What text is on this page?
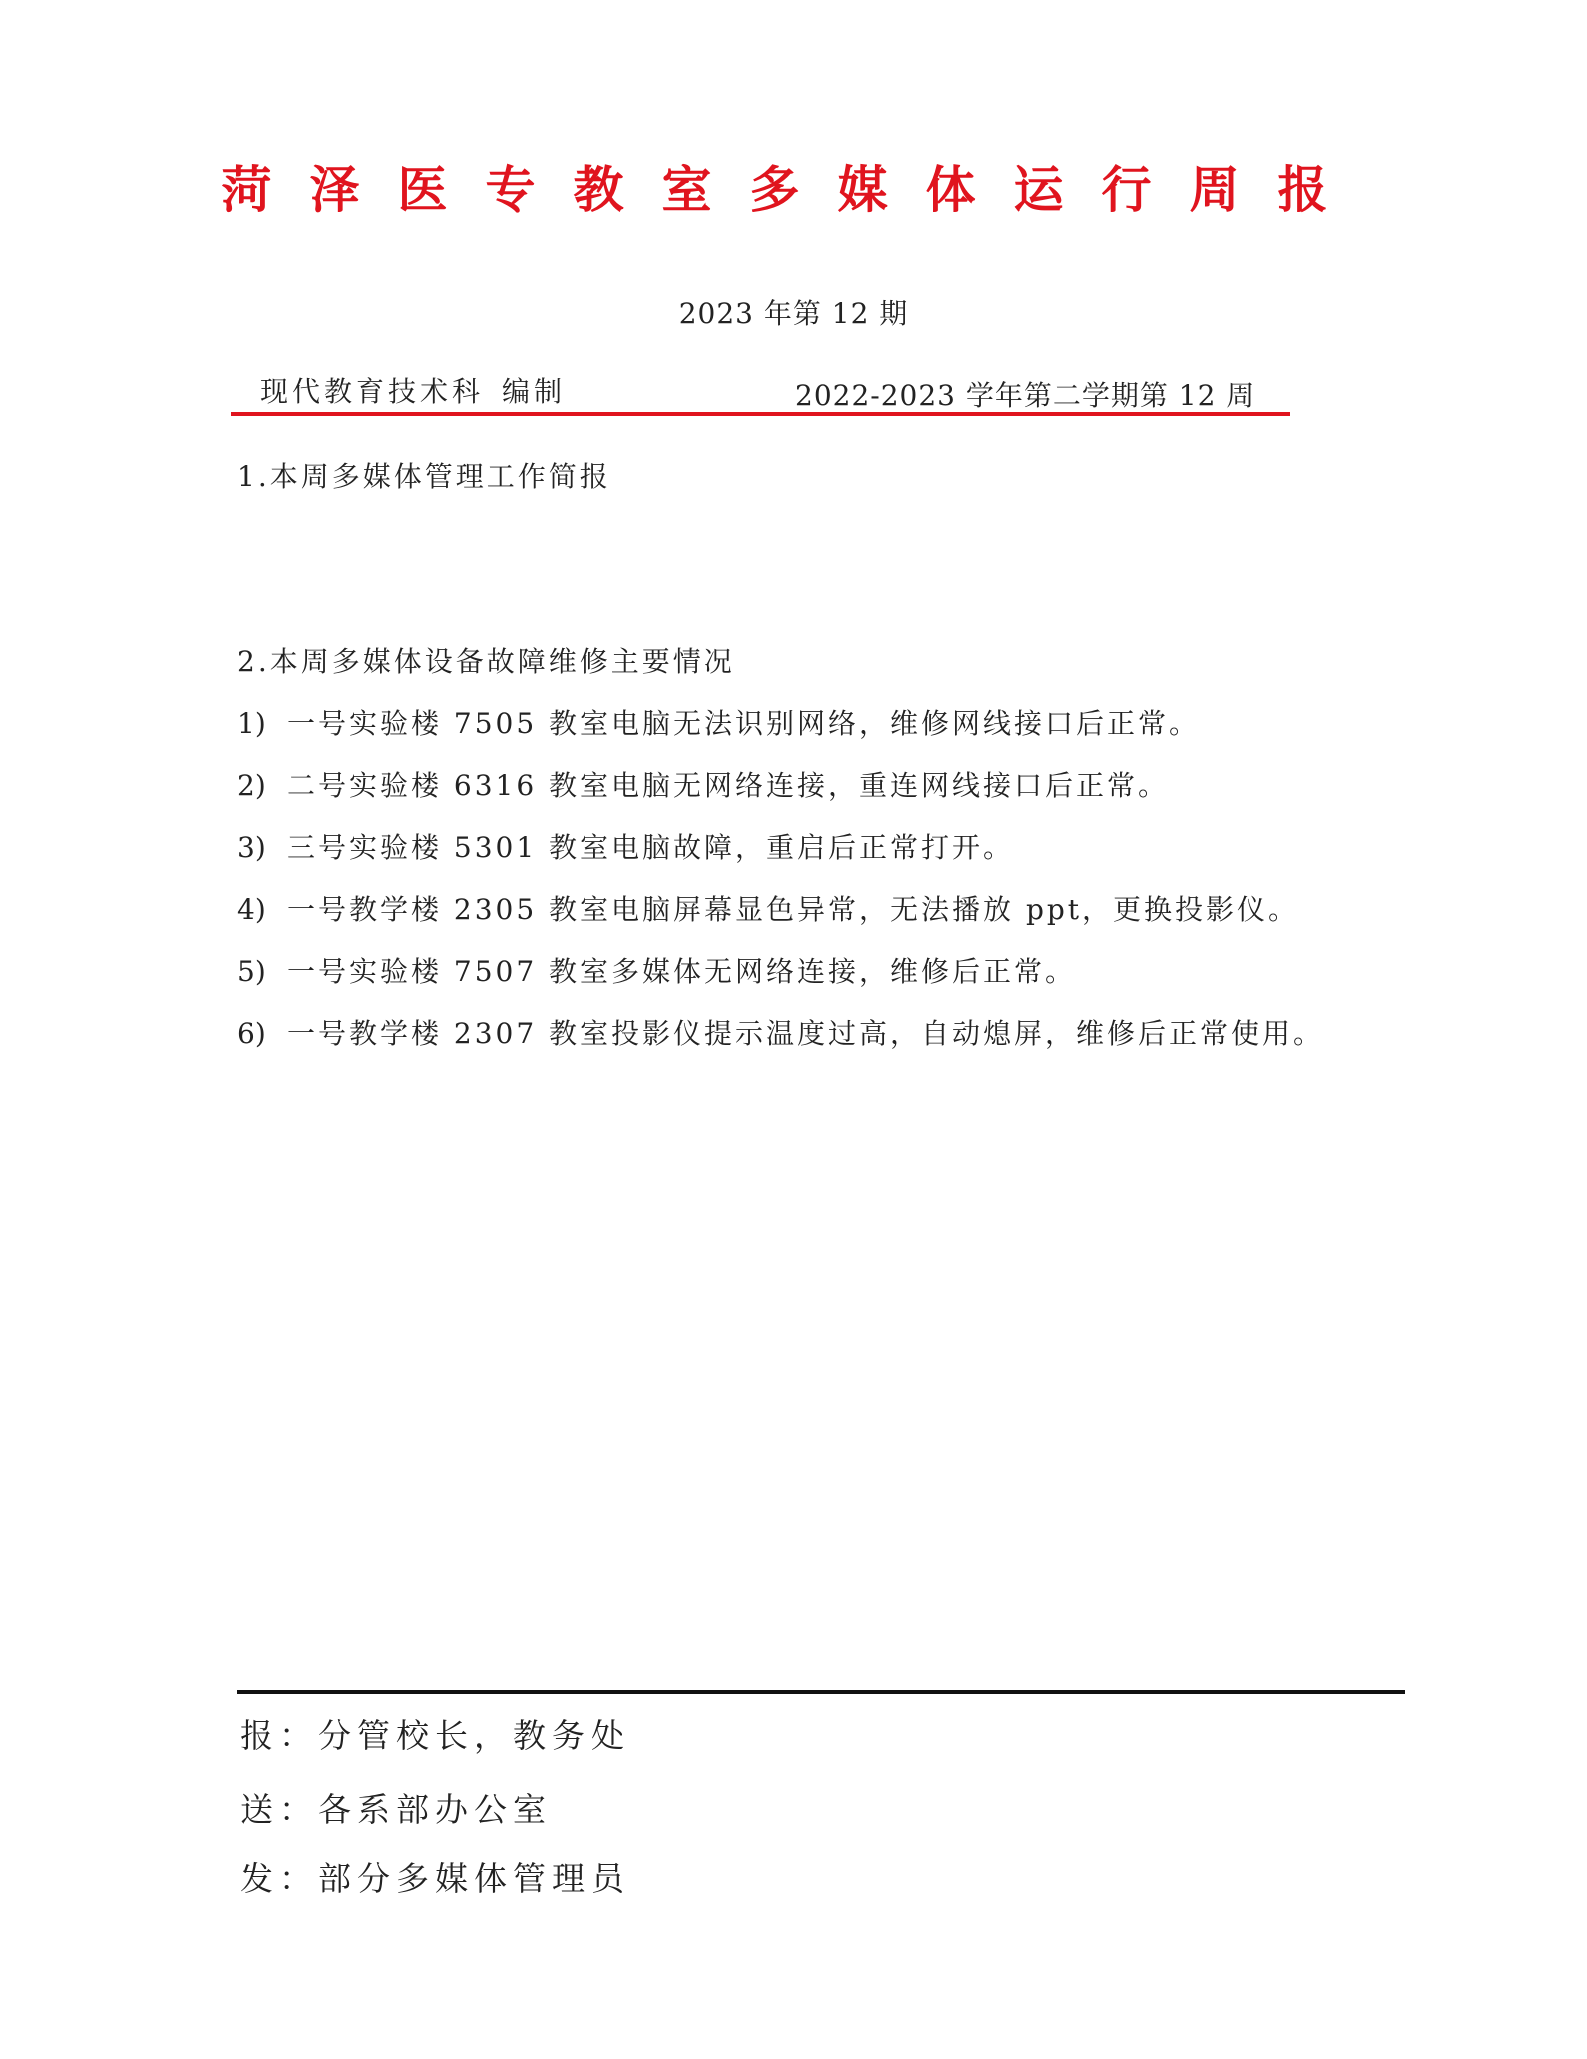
菏泽医专教室多媒体运行周报
2023 年第 12 期
现代教育技术科 编制	2022-2023 学年第二学期第 12 周
1.本周多媒体管理工作简报
2.本周多媒体设备故障维修主要情况
1) 一号实验楼 7505 教室电脑无法识别网络，维修网线接口后正常。
2) 二号实验楼 6316 教室电脑无网络连接，重连网线接口后正常。
3) 三号实验楼 5301 教室电脑故障，重启后正常打开。
4) 一号教学楼 2305 教室电脑屏幕显色异常，无法播放 ppt，更换投影仪。
5) 一号实验楼 7507 教室多媒体无网络连接，维修后正常。
6) 一号教学楼 2307 教室投影仪提示温度过高，自动熄屏，维修后正常使用。
报：分管校长，教务处
送：各系部办公室
发：部分多媒体管理员
